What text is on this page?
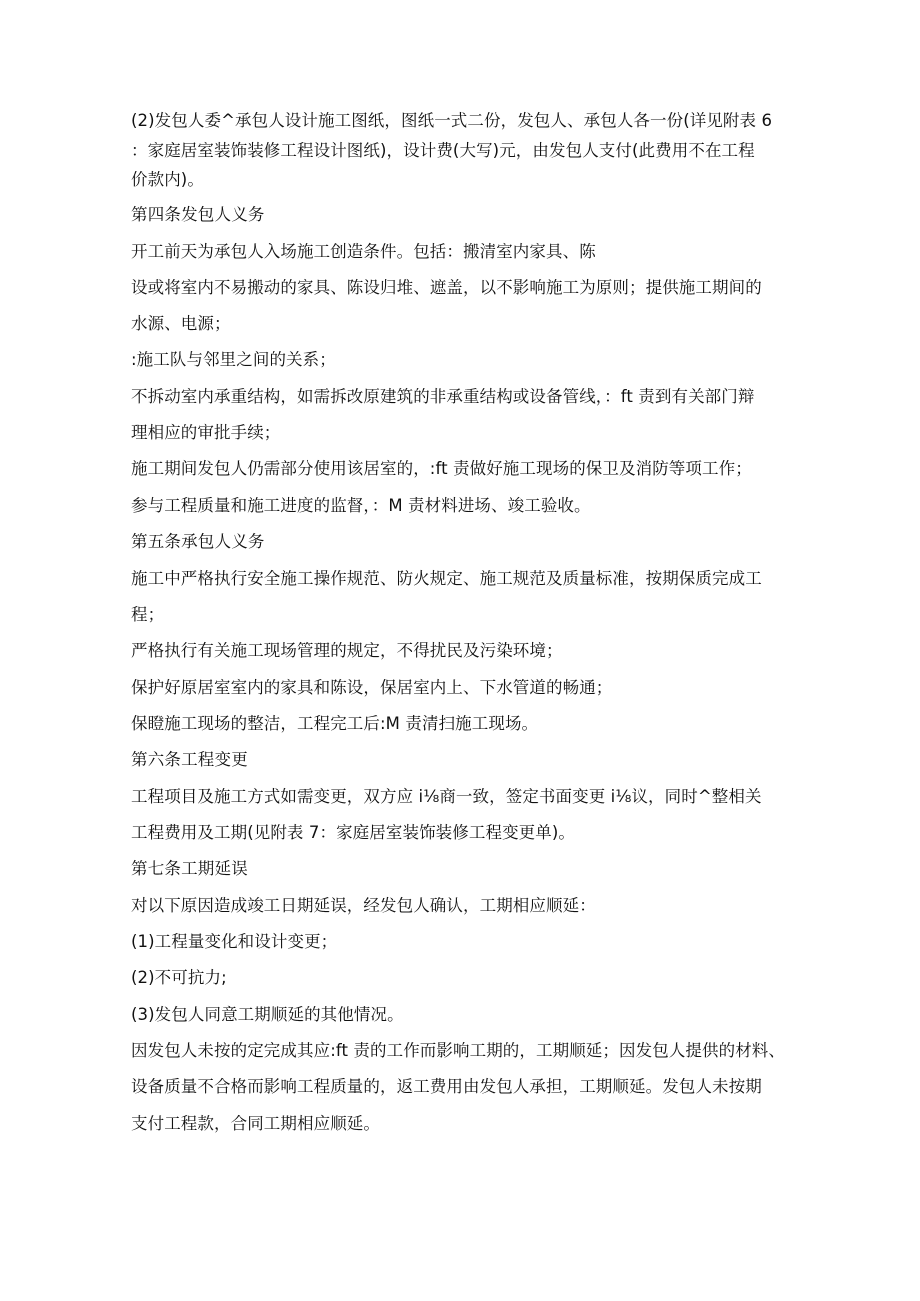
(2)发包人委^承包人设计施工图纸，图纸一式二份，发包人、承包人各一份(详见附表 6
：家庭居室装饰装修工程设计图纸)，设计费(大写)元，由发包人支付(此费用不在工程
价款内)。
第四条发包人义务
开工前天为承包人入场施工创造条件。包括：搬清室内家具、陈
设或将室内不易搬动的家具、陈设归堆、遮盖，以不影响施工为原则；提供施工期间的
水源、电源；
:施工队与邻里之间的关系；
不拆动室内承重结构，如需拆改原建筑的非承重结构或设备管线，：ft 责到有关部门辩
理相应的审批手续；
施工期间发包人仍需部分使用该居室的，:ft 责做好施工现场的保卫及消防等项工作；
参与工程质量和施工进度的监督，：M 责材料进场、竣工验收。
第五条承包人义务
施工中严格执行安全施工操作规范、防火规定、施工规范及质量标准，按期保质完成工
程；
严格执行有关施工现场管理的规定，不得扰民及污染环境；
保护好原居室室内的家具和陈设，保居室内上、下水管道的畅通；
保瞪施工现场的整洁，工程完工后:M 责清扫施工现场。
第六条工程变更
工程项目及施工方式如需变更，双方应 i⅛商一致，签定书面变更 i⅛议，同时^整相关
工程费用及工期(见附表 7：家庭居室装饰装修工程变更单)。
第七条工期延误
对以下原因造成竣工日期延误，经发包人确认，工期相应顺延：
(1)工程量变化和设计变更；
(2)不可抗力;
(3)发包人同意工期顺延的其他情况。
因发包人未按的定完成其应:ft 责的工作而影响工期的，工期顺延；因发包人提供的材料、
设备质量不合格而影响工程质量的，返工费用由发包人承担，工期顺延。发包人未按期
支付工程款，合同工期相应顺延。
